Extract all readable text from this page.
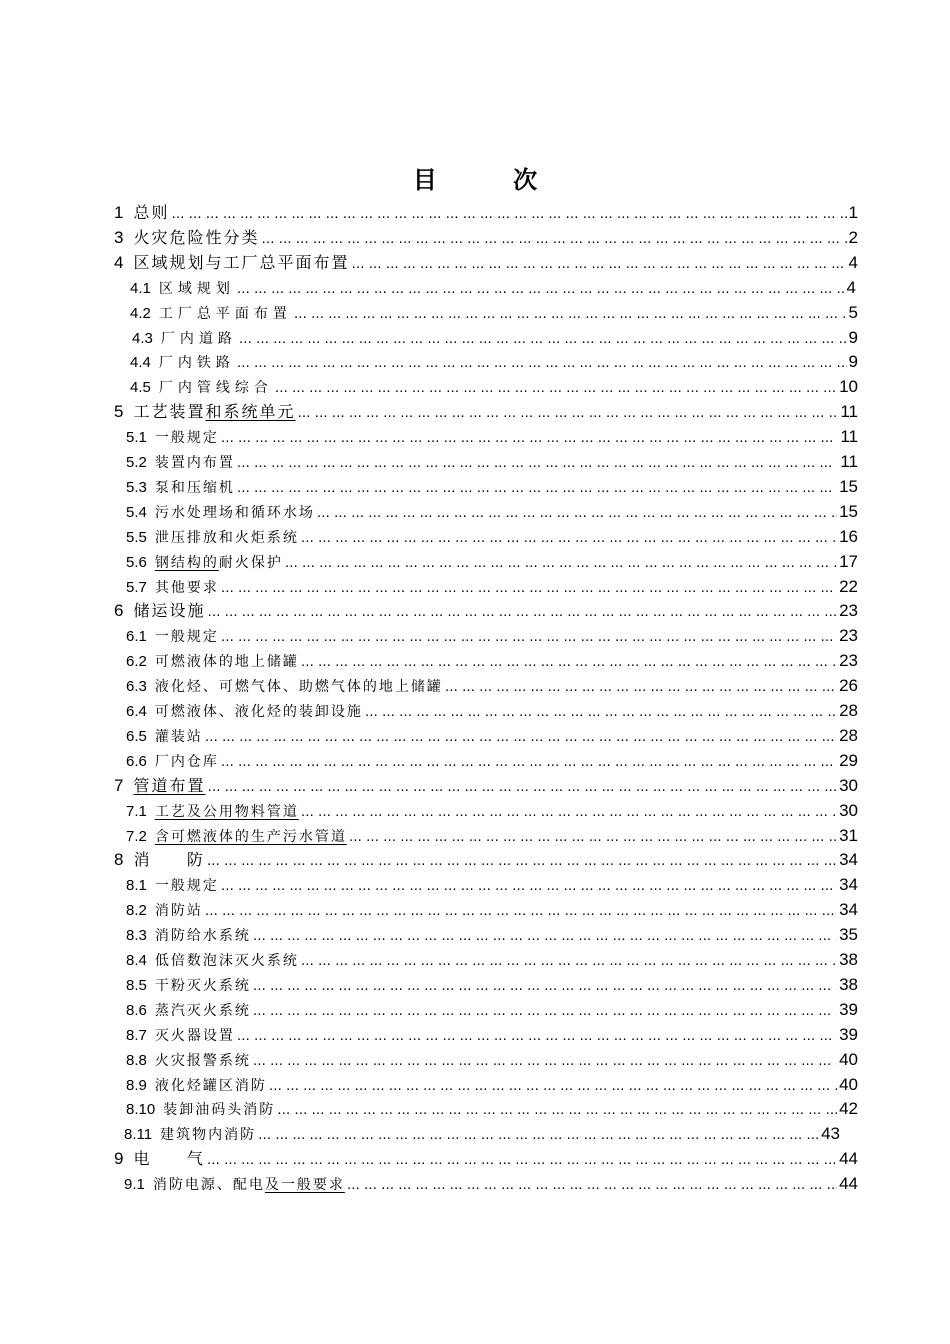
目 次
1 总则 … … … … … … … … … … … … … … … … … … … … … … … … … … … … … … … … … … … … … … … … … … … … … … … … … … … … … … … … … … … … … … … … … …	1
3 火灾危险性分类 … … … … … … … … … … … … … … … … … … … … … … … … … … … … … … … … … … … … … … … … … … … … … … … … … … … … … … … … … … … … … … … … … …	2
4 区域规划与工厂总平面布置 … … … … … … … … … … … … … … … … … … … … … … … … … … … … … … … … … … … … … … … … … … … … … … … … … … … … … … … … … … … … … … … … … …	4
4.1 区域规划 … … … … … … … … … … … … … … … … … … … … … … … … … … … … … … … … … … … … … … … … … … … … … … … … … … … … … … … … … … … … … … … … … …	4
4.2 工厂总平面布置 … … … … … … … … … … … … … … … … … … … … … … … … … … … … … … … … … … … … … … … … … … … … … … … … … … … … … … … … … … … … … … … … … …	5
4.3 厂内道路 … … … … … … … … … … … … … … … … … … … … … … … … … … … … … … … … … … … … … … … … … … … … … … … … … … … … … … … … … … … … … … … … … …	9
4.4 厂内铁路 … … … … … … … … … … … … … … … … … … … … … … … … … … … … … … … … … … … … … … … … … … … … … … … … … … … … … … … … … … … … … … … … … …	9
4.5 厂内管线综合 … … … … … … … … … … … … … … … … … … … … … … … … … … … … … … … … … … … … … … … … … … … … … … … … … … … … … … … … … … … … … … … … … …	10
5 工艺装置和系统单元 … … … … … … … … … … … … … … … … … … … … … … … … … … … … … … … … … … … … … … … … … … … … … … … … … … … … … … … … … … … … … … … … … …	11
5.1 一般规定 … … … … … … … … … … … … … … … … … … … … … … … … … … … … … … … … … … … … … … … … … … … … … … … … … … … … … … … … … … … … … … … … … …	11
5.2 装置内布置 … … … … … … … … … … … … … … … … … … … … … … … … … … … … … … … … … … … … … … … … … … … … … … … … … … … … … … … … … … … … … … … … … …	11
5.3 泵和压缩机 … … … … … … … … … … … … … … … … … … … … … … … … … … … … … … … … … … … … … … … … … … … … … … … … … … … … … … … … … … … … … … … … … …	15
5.4 污水处理场和循环水场 … … … … … … … … … … … … … … … … … … … … … … … … … … … … … … … … … … … … … … … … … … … … … … … … … … … … … … … … … … … … … … … … … …	15
5.5 泄压排放和火炬系统 … … … … … … … … … … … … … … … … … … … … … … … … … … … … … … … … … … … … … … … … … … … … … … … … … … … … … … … … … … … … … … … … … …	16
5.6 钢结构的耐火保护 … … … … … … … … … … … … … … … … … … … … … … … … … … … … … … … … … … … … … … … … … … … … … … … … … … … … … … … … … … … … … … … … … …	17
5.7 其他要求 … … … … … … … … … … … … … … … … … … … … … … … … … … … … … … … … … … … … … … … … … … … … … … … … … … … … … … … … … … … … … … … … … …	22
6 储运设施 … … … … … … … … … … … … … … … … … … … … … … … … … … … … … … … … … … … … … … … … … … … … … … … … … … … … … … … … … … … … … … … … … …	23
6.1 一般规定 … … … … … … … … … … … … … … … … … … … … … … … … … … … … … … … … … … … … … … … … … … … … … … … … … … … … … … … … … … … … … … … … … …	23
6.2 可燃液体的地上储罐 … … … … … … … … … … … … … … … … … … … … … … … … … … … … … … … … … … … … … … … … … … … … … … … … … … … … … … … … … … … … … … … … … …	23
6.3 液化烃、可燃气体、助燃气体的地上储罐 … … … … … … … … … … … … … … … … … … … … … … … … … … … … … … … … … … … … … … … … … … … … … … … … … … … … … … … … … … … … … … … … … …	26
6.4 可燃液体、液化烃的装卸设施 … … … … … … … … … … … … … … … … … … … … … … … … … … … … … … … … … … … … … … … … … … … … … … … … … … … … … … … … … … … … … … … … … …	28
6.5 灌装站 … … … … … … … … … … … … … … … … … … … … … … … … … … … … … … … … … … … … … … … … … … … … … … … … … … … … … … … … … … … … … … … … … …	28
6.6 厂内仓库 … … … … … … … … … … … … … … … … … … … … … … … … … … … … … … … … … … … … … … … … … … … … … … … … … … … … … … … … … … … … … … … … … …	29
7 管道布置 … … … … … … … … … … … … … … … … … … … … … … … … … … … … … … … … … … … … … … … … … … … … … … … … … … … … … … … … … … … … … … … … … …	30
7.1 工艺及公用物料管道 … … … … … … … … … … … … … … … … … … … … … … … … … … … … … … … … … … … … … … … … … … … … … … … … … … … … … … … … … … … … … … … … … …	30
7.2 含可燃液体的生产污水管道 … … … … … … … … … … … … … … … … … … … … … … … … … … … … … … … … … … … … … … … … … … … … … … … … … … … … … … … … … … … … … … … … … …	31
8 消     防 … … … … … … … … … … … … … … … … … … … … … … … … … … … … … … … … … … … … … … … … … … … … … … … … … … … … … … … … … … … … … … … … … …	34
8.1 一般规定 … … … … … … … … … … … … … … … … … … … … … … … … … … … … … … … … … … … … … … … … … … … … … … … … … … … … … … … … … … … … … … … … … …	34
8.2 消防站 … … … … … … … … … … … … … … … … … … … … … … … … … … … … … … … … … … … … … … … … … … … … … … … … … … … … … … … … … … … … … … … … … …	34
8.3 消防给水系统 … … … … … … … … … … … … … … … … … … … … … … … … … … … … … … … … … … … … … … … … … … … … … … … … … … … … … … … … … … … … … … … … … …	35
8.4 低倍数泡沫灭火系统 … … … … … … … … … … … … … … … … … … … … … … … … … … … … … … … … … … … … … … … … … … … … … … … … … … … … … … … … … … … … … … … … … …	38
8.5 干粉灭火系统 … … … … … … … … … … … … … … … … … … … … … … … … … … … … … … … … … … … … … … … … … … … … … … … … … … … … … … … … … … … … … … … … … …	38
8.6 蒸汽灭火系统 … … … … … … … … … … … … … … … … … … … … … … … … … … … … … … … … … … … … … … … … … … … … … … … … … … … … … … … … … … … … … … … … … …	39
8.7 灭火器设置 … … … … … … … … … … … … … … … … … … … … … … … … … … … … … … … … … … … … … … … … … … … … … … … … … … … … … … … … … … … … … … … … … …	39
8.8 火灾报警系统 … … … … … … … … … … … … … … … … … … … … … … … … … … … … … … … … … … … … … … … … … … … … … … … … … … … … … … … … … … … … … … … … … …	40
8.9 液化烃罐区消防 … … … … … … … … … … … … … … … … … … … … … … … … … … … … … … … … … … … … … … … … … … … … … … … … … … … … … … … … … … … … … … … … … …	40
8.10 装卸油码头消防 … … … … … … … … … … … … … … … … … … … … … … … … … … … … … … … … … … … … … … … … … … … … … … … … … … … … … … … … … … … … … … … … … …	42
8.11 建筑物内消防 … … … … … … … … … … … … … … … … … … … … … … … … … … … … … … … … … … … … … … … … … … … … … … … … … … … … … … … … … … … … … … … … … …	43
9 电     气 … … … … … … … … … … … … … … … … … … … … … … … … … … … … … … … … … … … … … … … … … … … … … … … … … … … … … … … … … … … … … … … … … …	44
9.1 消防电源、配电及一般要求 … … … … … … … … … … … … … … … … … … … … … … … … … … … … … … … … … … … … … … … … … … … … … … … … … … … … … … … … … … … … … … … … … …	44
